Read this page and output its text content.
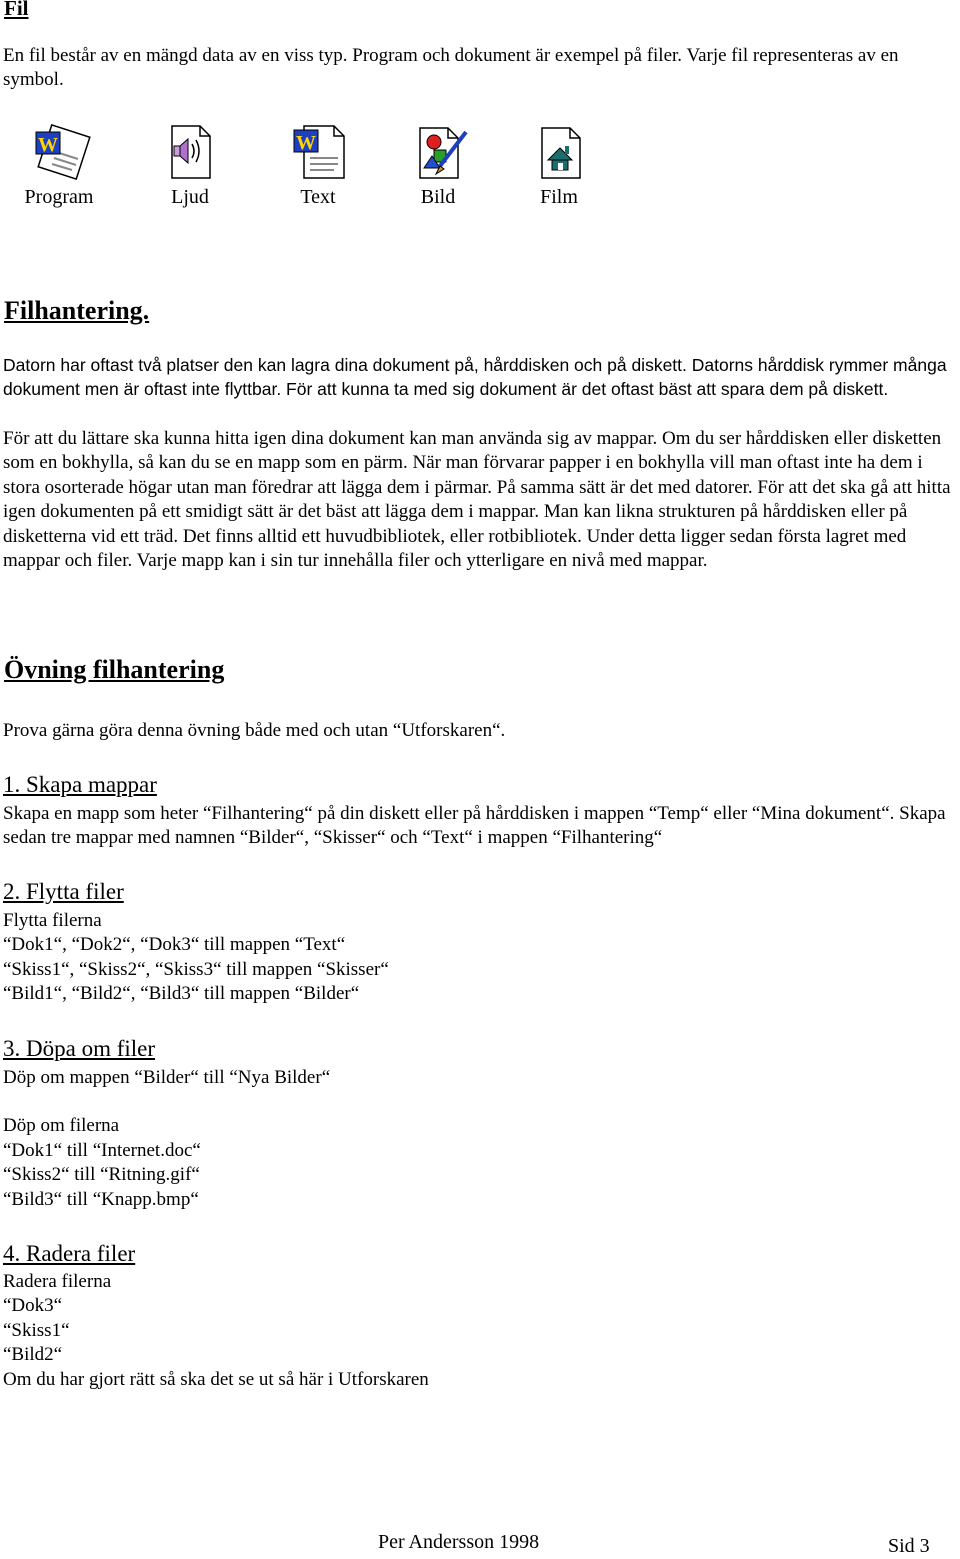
Fil

En fil består av en mängd data av en viss typ. Program och dokument är exempel på filer. Varje fil representeras av en symbol.

W	W
Program	Ljud	Text	Bild	Film
Filhantering.

Datorn har oftast två platser den kan lagra dina dokument på, hårddisken och på diskett. Datorns hårddisk rymmer många dokument men är oftast inte flyttbar. För att kunna ta med sig dokument är det oftast bäst att spara dem på diskett.

För att du lättare ska kunna hitta igen dina dokument kan man använda sig av mappar. Om du ser hårddisken eller disketten som en bokhylla, så kan du se en mapp som en pärm. När man förvarar papper i en bokhylla vill man oftast inte ha dem i stora osorterade högar utan man föredrar att lägga dem i pärmar. På samma sätt är det med datorer. För att det ska gå att hitta igen dokumenten på ett smidigt sätt är det bäst att lägga dem i mappar. Man kan likna strukturen på hårddisken eller på disketterna vid ett träd. Det finns alltid ett huvudbibliotek, eller rotbibliotek. Under detta ligger sedan första lagret med mappar och filer. Varje mapp kan i sin tur innehålla filer och ytterligare en nivå med mappar.

Övning filhantering
Prova gärna göra denna övning både med och utan “Utforskaren“.
1. Skapa mappar

Skapa en mapp som heter “Filhantering“ på din diskett eller på hårddisken i mappen “Temp“ eller “Mina dokument“. Skapa sedan tre mappar med namnen “Bilder“, “Skisser“ och “Text“ i mappen “Filhantering“

2. Flytta filer
Flytta filerna
“Dok1“, “Dok2“, “Dok3“ till mappen “Text“
“Skiss1“, “Skiss2“, “Skiss3“ till mappen “Skisser“
“Bild1“, “Bild2“, “Bild3“ till mappen “Bilder“
3. Döpa om filer
Döp om mappen “Bilder“ till “Nya Bilder“
Döp om filerna
“Dok1“ till “Internet.doc“
“Skiss2“ till “Ritning.gif“
“Bild3“ till “Knapp.bmp“
4. Radera filer
Radera filerna
“Dok3“
“Skiss1“
“Bild2“
Om du har gjort rätt så ska det se ut så här i Utforskaren
Per Andersson 1998	Sid 3
